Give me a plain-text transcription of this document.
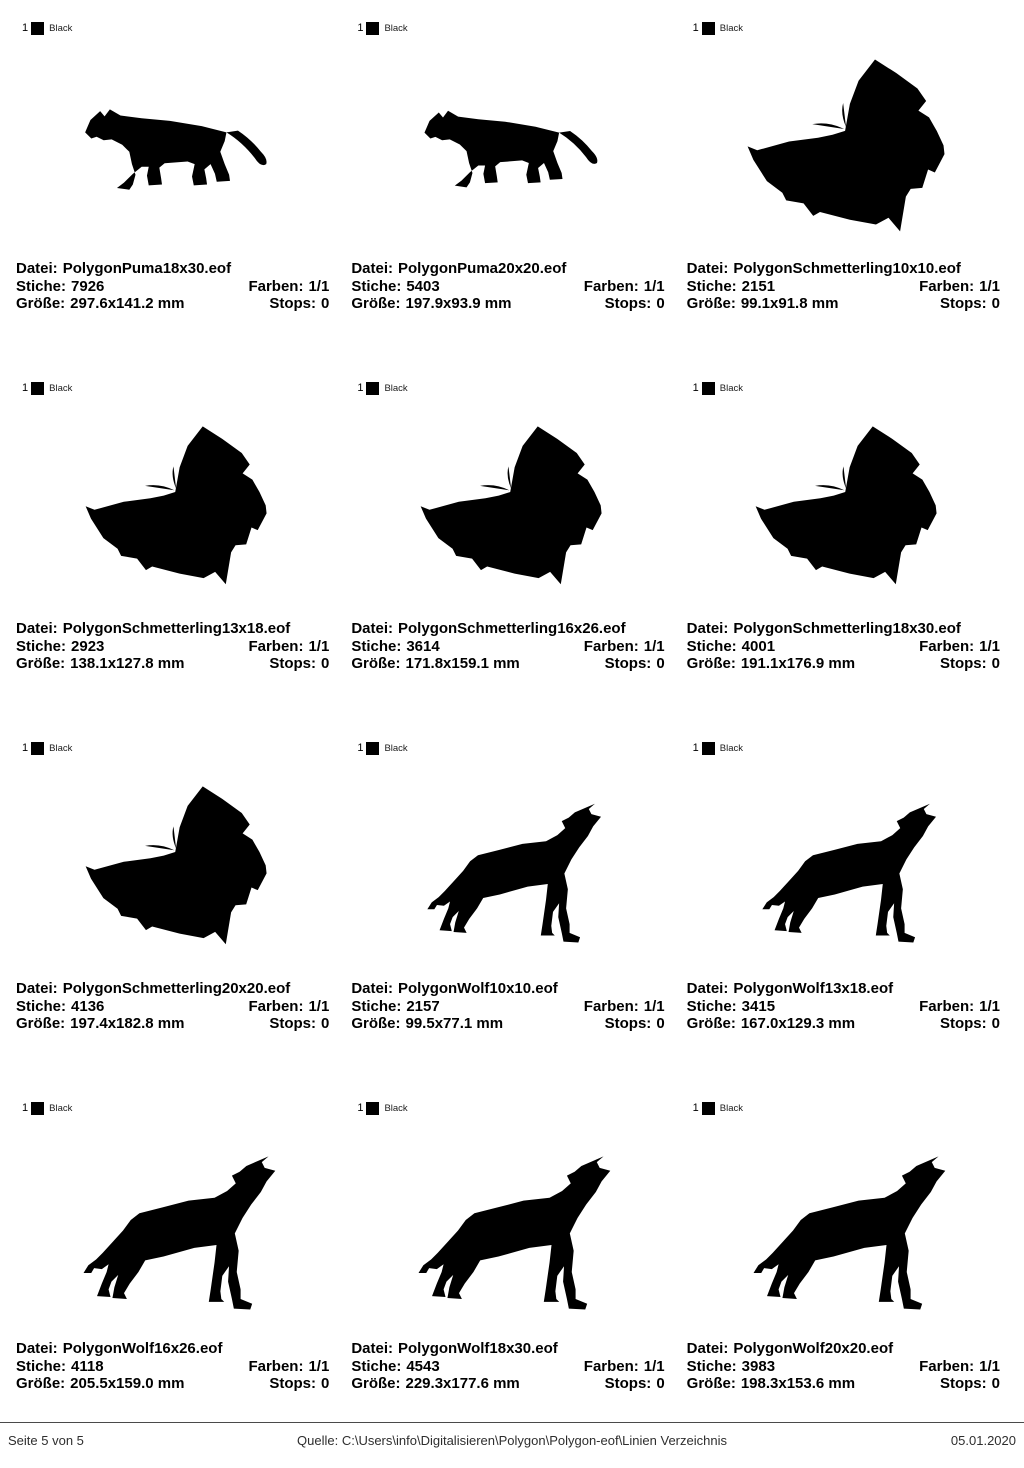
1 Black
Datei: PolygonPuma18x30.eof
Stiche: 7926	Farben: 1/1
Größe: 297.6x141.2 mm	Stops: 0
1 Black
Datei: PolygonPuma20x20.eof
Stiche: 5403	Farben: 1/1
Größe: 197.9x93.9 mm	Stops: 0
1 Black
Datei: PolygonSchmetterling10x10.eof
Stiche: 2151	Farben: 1/1
Größe: 99.1x91.8 mm	Stops: 0
1 Black
Datei: PolygonSchmetterling13x18.eof
Stiche: 2923	Farben: 1/1
Größe: 138.1x127.8 mm	Stops: 0
1 Black
Datei: PolygonSchmetterling16x26.eof
Stiche: 3614	Farben: 1/1
Größe: 171.8x159.1 mm	Stops: 0
1 Black
Datei: PolygonSchmetterling18x30.eof
Stiche: 4001	Farben: 1/1
Größe: 191.1x176.9 mm	Stops: 0
1 Black
Datei: PolygonSchmetterling20x20.eof
Stiche: 4136	Farben: 1/1
Größe: 197.4x182.8 mm	Stops: 0
1 Black
Datei: PolygonWolf10x10.eof
Stiche: 2157	Farben: 1/1
Größe: 99.5x77.1 mm	Stops: 0
1 Black
Datei: PolygonWolf13x18.eof
Stiche: 3415	Farben: 1/1
Größe: 167.0x129.3 mm	Stops: 0
1 Black
Datei: PolygonWolf16x26.eof
Stiche: 4118	Farben: 1/1
Größe: 205.5x159.0 mm	Stops: 0
1 Black
Datei: PolygonWolf18x30.eof
Stiche: 4543	Farben: 1/1
Größe: 229.3x177.6 mm	Stops: 0
1 Black
Datei: PolygonWolf20x20.eof
Stiche: 3983	Farben: 1/1
Größe: 198.3x153.6 mm	Stops: 0
Seite 5 von 5	Quelle: C:\Users\info\Digitalisieren\Polygon\Polygon-eof\Linien Verzeichnis	05.01.2020
